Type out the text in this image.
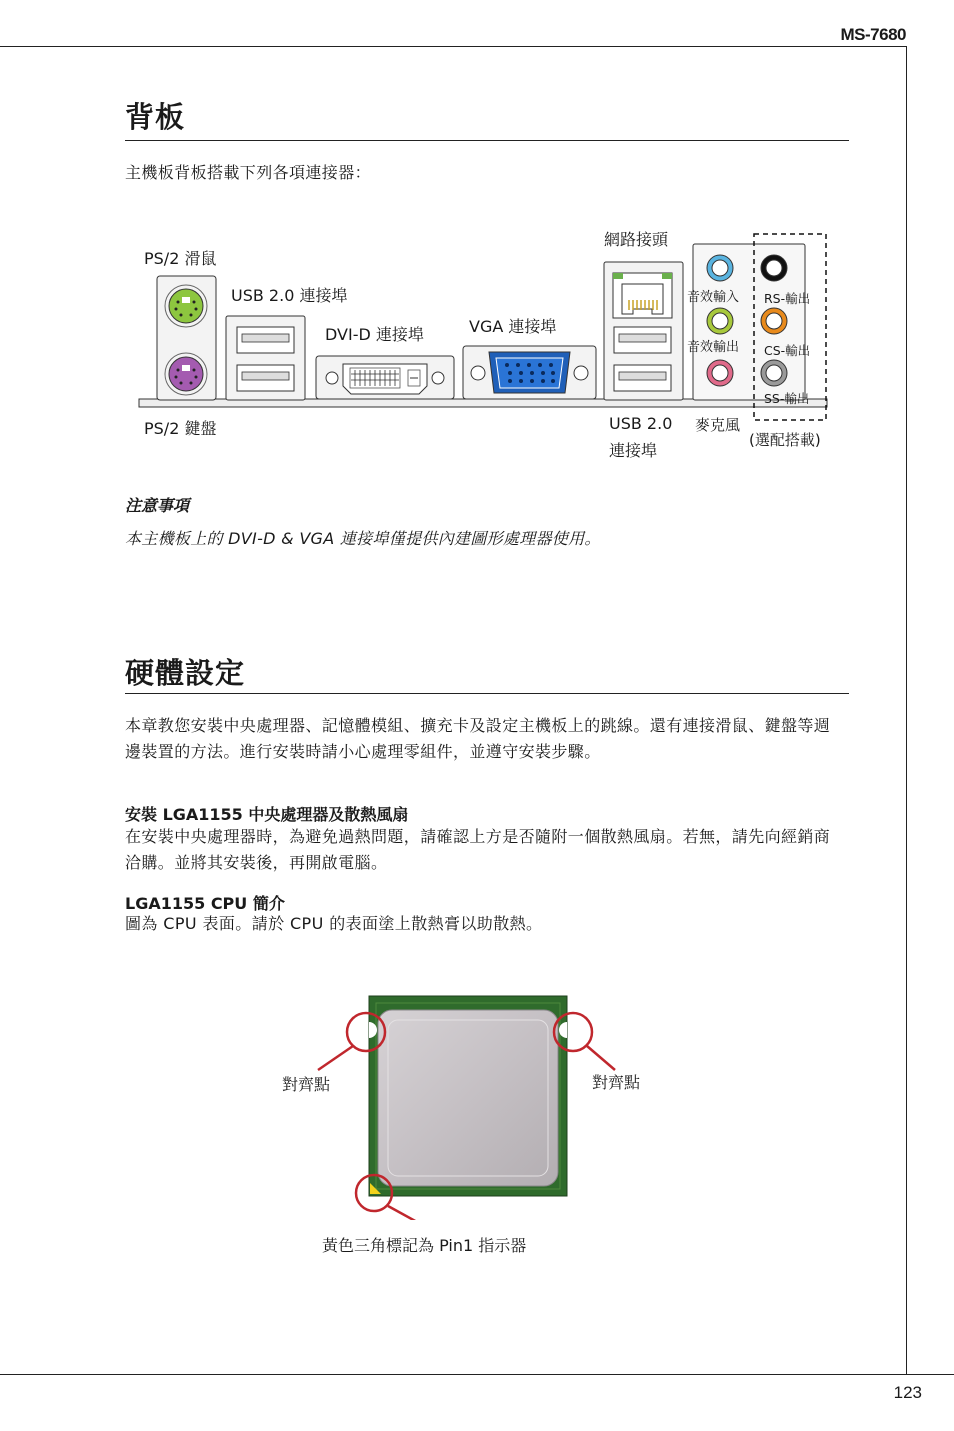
MS-7680
背板
主機板背板搭載下列各項連接器：
PS/2 滑鼠
USB 2.0 連接埠
DVI-D 連接埠	VGA 連接埠
網路接頭
PS/2 鍵盤	USB 2.0
連接埠
麥克風
音效輸入
音效輸出
RS-輸出
CS-輸出
SS-輸出
(選配搭載)
注意事項
本主機板上的 DVI-D & VGA 連接埠僅提供內建圖形處理器使用。
硬體設定
本章教您安裝中央處理器、記憶體模組、擴充卡及設定主機板上的跳線。還有連接滑鼠、鍵盤等週邊裝置的方法。進行安裝時請小心處理零組件，並遵守安裝步驟。
安裝 LGA1155 中央處理器及散熱風扇
在安裝中央處理器時，為避免過熱問題，請確認上方是否隨附一個散熱風扇。若無，請先向經銷商洽購。並將其安裝後，再開啟電腦。
LGA1155 CPU 簡介
圖為 CPU 表面。請於 CPU 的表面塗上散熱膏以助散熱。
對齊點	對齊點
黃色三角標記為 Pin1 指示器
123
